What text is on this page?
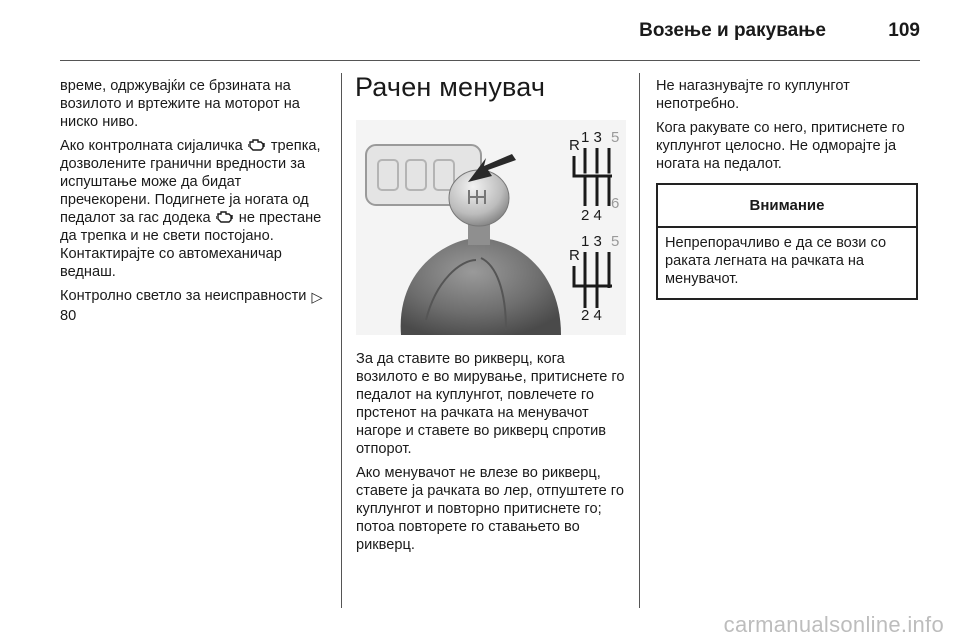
Возење и ракување	109

време, одржувајќи се брзината на возилото и вртежите на моторот на ниско ниво.

Ако контролната сијаличка трепка, дозволените гранични вредности за испуштање може да бидат пречекорени. Подигнете ја ногата од педалот за гас додека не престане да трепка и не свети постојано. Контактирајте со автомеханичар веднаш.

Контролно светло за неисправности ▷ 80

Рачен менувач
R 1 3 5
2 4
6
R
1 3 5
2 4

За да ставите во рикверц, кога возилото е во мирување, притиснете го педалот на куплунгот, повлечете го прстенот на рачката на менувачот нагоре и ставете во рикверц спротив отпорот.

Ако менувачот не влезе во рикверц, ставете ја рачката во лер, отпуштете го куплунгот и повторно притиснете го; потоа повторете го ставањето во рикверц.

Не нагазнувајте го куплунгот непотребно.

Кога ракувате со него, притиснете го куплунгот целосно. Не одморајте ја ногата на педалот.

Внимание
Непрепорачливо е да се вози со раката легната на рачката на менувачот.
carmanualsonline.info
